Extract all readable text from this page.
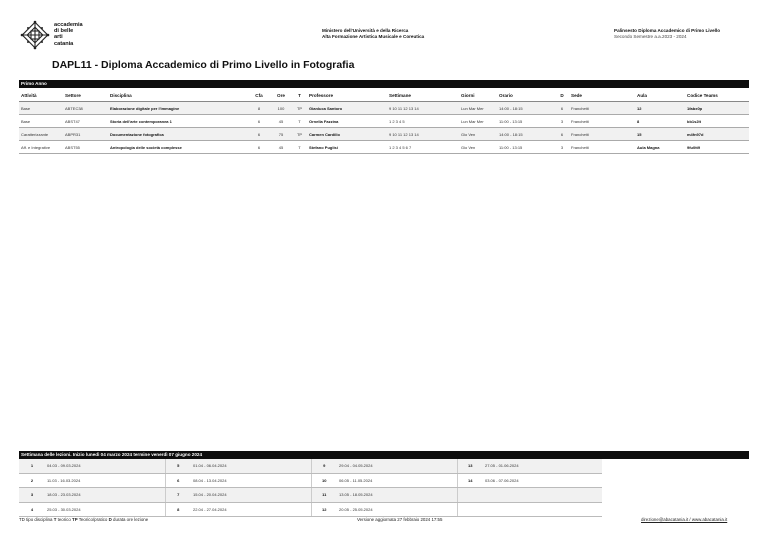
accademia
di belle
arti
catania
Ministero dell'Università e della Ricerca
Alta Formazione Artistica Musicale e Coreutica
Palinsesto Diploma Accademico di Primo Livello
Secondo Semestre a.a.2023 - 2024
DAPL11 - Diploma Accademico di Primo Livello in Fotografia
Primo Anno
Attività	Settore	Disciplina	Cfa	Ore	T	Professore	Settimane	Giorni	Orario	D	Sede	Aula	Codice Teams
Base	ABTEC38	Elaborazione digitale per l'immagine	8	100	TP	Gianluca Santoro	9 10 11 12 13 14	Lun Mar Mer	14:00 - 18:15	6	Franchetti	12	1fabx0p
Base	ABST47	Storia dell'arte contemporanea 1	6	45	T	Ornella Fazzina	1 2 3 4 5	Lun Mar Mer	11:00 - 13:15	3	Franchetti	8	bb1s2lt
Caratterizzante	ABPR31	Documentazione fotografica	6	75	TP	Carmen Cardillo	9 10 11 12 13 14	Gio Ven	14:00 - 18:15	6	Franchetti	15	m4fn97d
Aff. e Integrative	ABST55	Antropologia delle società complesse	6	45	T	Stefano Puglisi	1 2 3 4 5 6 7	Gio Ven	11:00 - 13:15	3	Franchetti	Aula Magna	9fu0tt9
Settimana delle lezioni. Inizio lunedì 04 marzo 2024 termine venerdì 07 giugno 2024
1	04.03 - 09.03.2024	5	01.04 - 06.04.2024	9	29.04 - 04.05.2024	13	27.05 - 01.06.2024
2	11.03 - 16.03.2024	6	08.04 - 13.04.2024	10	06.05 - 11.05.2024	14	03.06 - 07.06.2024
3	18.03 - 23.03.2024	7	15.04 - 20.04.2024	11	13.05 - 18.05.2024		
4	25.03 - 30.03.2024	8	22.04 - 27.04.2024	12	20.05 - 25.05.2024		
TD tipo disciplina T teorico TP Teorico/pratico D durata ore lezione	Versione aggiornata 27 febbraio 2024 17:55	direzione@abacatania.it / www.abacatania.it
